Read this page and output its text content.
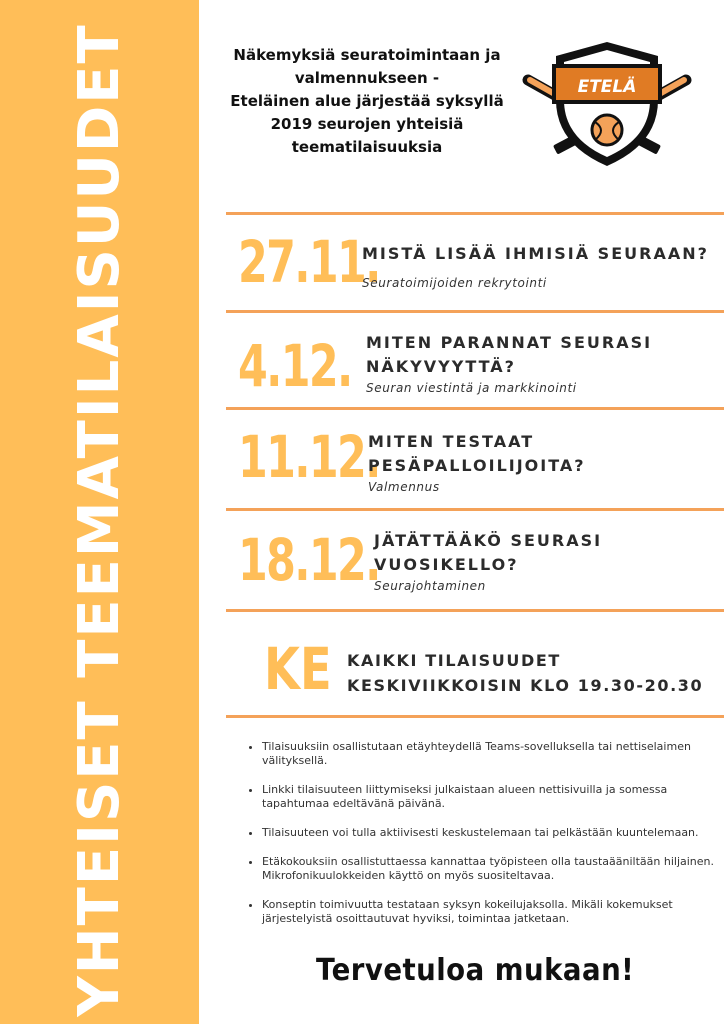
YHTEISET TEEMATILAISUUDET	Näkemyksiä seuratoimintaan ja
valmennukseen -
Eteläinen alue järjestää syksyllä
2019 seurojen yhteisiä
teematilaisuuksia
ETELÄ
27.11.
MISTÄ LISÄÄ IHMISIÄ SEURAAN?
Seuratoimijoiden rekrytointi
4.12. MITEN PARANNAT SEURASI
NÄKYVYYTTÄ?
Seuran viestintä ja markkinointi
11.12.
MITEN TESTAAT
PESÄPALLOILIJOITA?
Valmennus
18.12.
JÄTÄTTÄÄKÖ SEURASI
VUOSIKELLO?
Seurajohtaminen
KE KAIKKI TILAISUUDET
KESKIVIIKKOISIN KLO 19.30-20.30
• Tilaisuuksiin osallistutaan etäyhteydellä Teams-sovelluksella tai nettiselaimen välityksellä.
• Linkki tilaisuuteen liittymiseksi julkaistaan alueen nettisivuilla ja somessa tapahtumaa edeltävänä päivänä.
• Tilaisuuteen voi tulla aktiivisesti keskustelemaan tai pelkästään kuuntelemaan.
• Etäkokouksiin osallistuttaessa kannattaa työpisteen olla taustaääniltään hiljainen. Mikrofonikuulokkeiden käyttö on myös suositeltavaa.
• Konseptin toimivuutta testataan syksyn kokeilujaksolla. Mikäli kokemukset järjestelyistä osoittautuvat hyviksi, toimintaa jatketaan.
Tervetuloa mukaan!
